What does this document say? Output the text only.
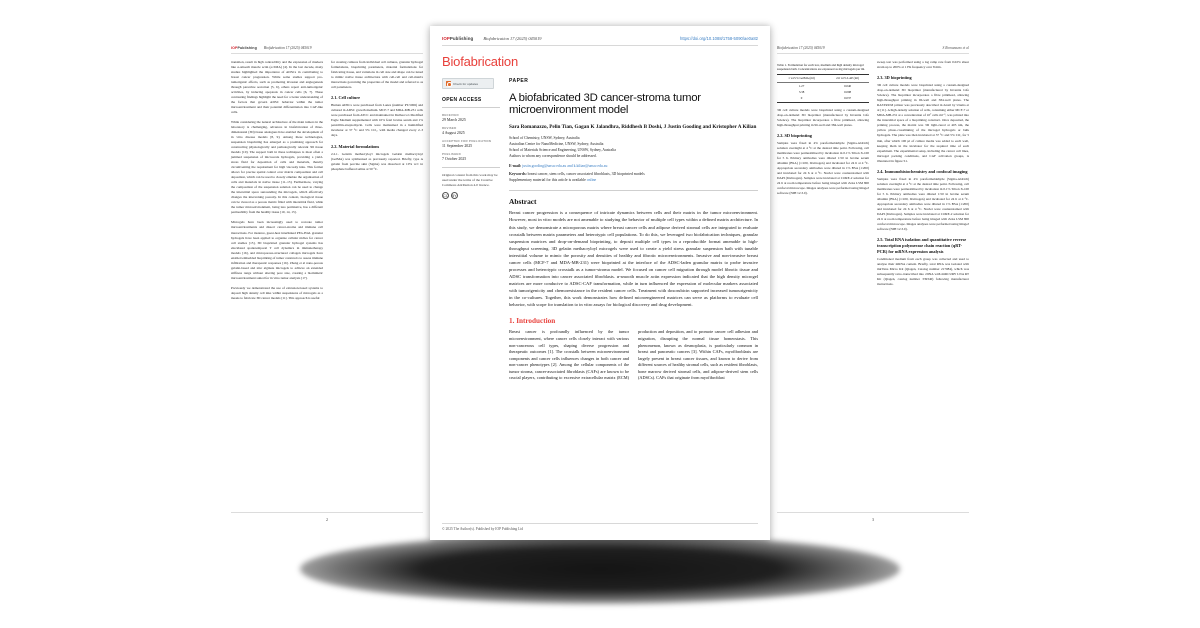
IOPPublishing Biofabrication 17 (2025) 045019
transition, result in high contractility and the expression of markers like α-smooth muscle actin (α-SMA) [4]. In the last decade, many studies highlighted the importance of ADSCs in contributing to breast cancer progression. While some studies support pro-tumorigenic effects, such as promoting invasion and angiogenesis through paracrine secretion [5, 6], others report anti-tumorigenic activities, by inducing apoptosis in cancer cells [6, 7]. These contrasting findings highlight the need for a better understanding of the factors that govern ADSC behavior within the tumor microenvironment and their potential differentiation into CAF-like cells.
While considering the natural architecture of the main tumors in the laboratory is challenging, advances in biofabrication of three-dimensional (3D) tissue analogues have enabled the development of in vitro disease models [8, 9]. Among these technologies, suspension bioprinting has emerged as a promising approach for constructing physiologically and pathologically relevant 3D tissue models [10]. The support bath in these techniques is most often a jammed suspension of microscale hydrogels, providing a yield-stress fluid for deposition of cells and materials, thereby circumventing the requirement for high viscosity inks. This format allows for precise spatial control over matrix composition and cell deposition, which can be used to closely emulate the organisation of cells and materials in native tissue [11–13]. Furthermore, varying the composition of the suspension solution can be used to change the interstitial space surrounding the microgels, which effectively changes the intervening porosity. In this context, biological tissue can be viewed as a porous matrix filled with interstitial fluid, while the tumor microenvironment, being less permissive, has a different permeability from the healthy tissue [10, 14, 15].
Microgels have been increasingly used to recreate tumor microenvironments and dissect cancer-stroma and immune cell interactions. For instance, guest-host interlinked PEG-HAL granular hydrogels have been applied to organize cellular niches for cancer cell studies [15], 3D bioprinted granular hydrogel systems has elucidated spatiotemporal T cell dynamics in immunotherapy models [16], and microporous-structured collagen microgels have enabled embedded bioprinting of tumor constructs to assess immune infiltration and therapeutic responses [16]. Zhang et al nano-porous gelatin-based and zinc alginate microgels to achieve an extended stiffness range without altering pore size, creating a biomimetic microenvironment suited for in vitro tumor analysis [17].
Previously we demonstrated the use of extrusion-based systems to deposit high density cell inks within suspensions of microgels as a means to fabricate 3D cancer models [11]. This approach is useful
for creating cultures from individual cell cultures, granular hydrogel formulations, bioprinting parameters, material formulations for fabricating tissue, and variations in cell size and shape can be tuned to mimic native tissue architecture with cell-cell and cell-matrix interactions governing the properties of the model and referred to as cell parameters.
2.1. Cell culture
Human ADSCs were purchased from Lonza (number PT-5006) and cultured in ADSC growth medium. MCF-7 and MDA-MB-231 cells were purchased from ATCC and maintained in Dulbecco's Modified Eagle Medium supplemented with 10% fetal bovine serum and 1% penicillin-streptomycin. Cells were maintained in a humidified incubator at 37 °C and 5% CO₂, with media changed every 2–3 days.
2.2. Material formulations
2.2.1. Gelatin methacryloyl microgels Gelatin methacryloyl (GelMA) was synthesised as previously reported. Briefly, type A gelatin from porcine skin (Sigma) was dissolved at 10% w/v in phosphate buffered saline at 50 °C.
2
Biofabrication 17 (2025) 045019	S Romanazzo et al
Table 1. Formulation for each low, medium and high density microgel suspension bath. Concentrations are expressed as mg microgels per ml.
1 wt/v% GelMA (ml)	2.6 wt% LAP (ml)
1.27	0.040
3.38	0.098
0	0.037
3D cell culture models were bioprinted using a custom-designed drop-on-demand 3D bioprinter (manufactured by Inventia Life Science). The bioprinter incorporates a fibre printhead, allowing high-throughput printing in 96-well and 384-well plates.
2.2. SD bioprinting
Samples were fixed in 4% paraformaldehyde (Sigma-Aldrich) solution overnight at 4 °C at the desired time point. Following, cell membranes were permeabilised by incubation in 0.1% Triton X-100 for 5 h. Primary antibodies were diluted 1:50 in bovine serum albumin (BSA) (1:100, Invitrogen) and incubated for 24 h at 4 °C. Appropriate secondary antibodies were diluted in 1% BSA (1:200) and incubated for 24 h at 4 °C. Nuclei were counterstained with DAPI (Invitrogen). Samples were incubated at CORE-2 solution for 24 h at room temperature before being imaged with Zeiss LSM 800 confocal microscope. Images analyses were performed using ImageJ software (NIH v2.3.0).
sweep test was performed using a log ramp rate from 0.02% shear strain up to 200% at 1 Hz frequency over 8 min.
2.3. 3D bioprinting
3D cell culture models were bioprinted using a custom-designed drop-on-demand 3D bioprinter (manufactured by Inventia Life Science). The bioprinter incorporates a fibre printhead, allowing high-throughput printing in 96-well and 384-well plates. The RASTRUM printer was previously described in detail by Utama et al [11]. A high-density solution of cells, containing either MCF-7 or MDA-MB-231 at a concentration of 10⁷ cells ml⁻¹, was printed into the interstitial space of a bioprinting construct. Once deposited, the printing process, the matrix was 3D light-cured at 405 nm, the yellow photo-crosslinking of the microgel hydrogels or bulk hydrogels. The plate was then incubated at 37 °C and 5% CO₂ for 5 min, after which 100 µl of culture media was added to each well, keeping them in the incubator for the required time of each experiment. The experimental setup, including the cancer cell lines, microgel packing conditions, and CAF activation groups, is illustrated in figure S1.
2.4. Immunohistochemistry and confocal imaging
Samples were fixed in 4% paraformaldehyde (Sigma-Aldrich) solution overnight at 4 °C at the desired time point. Following, cell membranes were permeabilised by incubation in 0.1% Triton X-100 for 5 h. Primary antibodies were diluted 1:50 in bovine serum albumin (BSA) (1:100, Invitrogen) and incubated for 24 h at 4 °C. Appropriate secondary antibodies were diluted in 1% BSA (1:200) and incubated for 24 h at 4 °C. Nuclei were counterstained with DAPI (Invitrogen). Samples were incubated at CORE-2 solution for 24 h at room temperature before being imaged with Zeiss LSM 800 confocal microscope. Images analyses were performed using ImageJ software (NIH v2.3.0).
2.5. Total RNA isolation and quantitative reverse transcription polymerase chain reaction (qRT-PCR) for mRNA expression analysis
Conditioned medium from each group was collected and used to analyse their mRNA content. Briefly, total RNA was isolated with mirVana Micro Kit (Qiagen, Catalog number 217084), which was subsequently retro-transcribed into cDNA with miRCURY LNA RT Kit (Qiagen, catalog number 339340) following manufacturer instructions.
3
IOPPublishing Biofabrication 17 (2025) 045019	https://doi.org/10.1088/1758-5090/ae0a82
Biofabrication
Check for updates
OPEN ACCESS
RECEIVED
29 March 2025
REVISED
4 August 2025
ACCEPTED FOR PUBLICATION
11 September 2025
PUBLISHED
7 October 2025
Original content from this work may be used under the terms of the Creative Commons Attribution 4.0 licence.
CC BY
PAPER
A biofabricated 3D cancer-stroma tumor microenvironment model
Sara Romanazzo, Pelin Tian, Gagan K Jalandhra, Riddhesh B Doshi, J Justin Gooding and Kristopher A Kilian
School of Chemistry, UNSW, Sydney, Australia
Australian Centre for NanoMedicine, UNSW, Sydney, Australia
School of Materials Science and Engineering, UNSW, Sydney, Australia
Authors to whom any correspondence should be addressed.
E-mail: justin.gooding@unsw.edu.au and k.kilian@unsw.edu.au
Keywords: breast cancer, stem cells, cancer associated fibroblasts, 3D bioprinted models
Supplementary material for this article is available online
Abstract
Breast cancer progression is a consequence of intricate dynamics between cells and their matrix in the tumor microenvironment. However, most in vitro models are not amenable to studying the behavior of multiple cell types within a defined matrix architecture. In this study, we demonstrate a microporous matrix where breast cancer cells and adipose derived stromal cells are integrated to evaluate crosstalk between matrix parameters and heterotypic cell populations. To do this, we leveraged two biofabrication techniques, granular suspension matrices and drop-on-demand bioprinting, to deposit multiple cell types in a reproducible format amenable to high-throughput screening. 3D gelatin methacryloyl microgels were used to create a yield stress granular suspension bath with tunable interstitial volume to mimic the porosity and densities of healthy and fibrotic microenvironments. Invasive and non-invasive breast cancer cells (MCF-7 and MDA-MB-231) were bioprinted at the interface of the ADSC-laden granular matrix to probe invasive processes and heterotypic crosstalk as a tumor-stroma model. We focused on cancer cell migration through model fibrotic tissue and ADSC transformation into cancer associated fibroblasts. α-smooth muscle actin expression indicated that the high density microgel matrices are more conducive to ADSC-CAF transformation, while in turn influenced the expression of molecular markers associated with tumorigenicity and chemoresistance in the resident cancer cells. Treatment with doxorubicin supported increased tumourigenicity in the co-cultures. Together, this work demonstrates how defined microengineered matrices can serve as platforms to evaluate cell behavior, with scope for translation to in vitro assays for biological discovery and drug development.
1. Introduction
Breast cancer is profoundly influenced by the tumor microenvironment, where cancer cells closely interact with various non-cancerous cell types, shaping diverse progression and therapeutic outcomes [1]. The crosstalk between microenvironment components and cancer cells influences changes in both cancer and non-cancer phenotypes [2]. Among the cellular components of the tumor stroma, cancer-associated fibroblasts (CAFs) are known to be crucial players, contributing to excessive extracellular matrix (ECM) production and deposition, and to promote cancer cell adhesion and migration, disrupting the normal tissue homeostasis. This phenomenon, known as desmoplasia, is particularly common in breast and pancreatic cancers [3]. Within CAFs, myofibroblasts are largely present in breast cancer tissues, and known to derive from different sources of healthy stromal cells, such as resident fibroblasts, bone marrow derived stromal cells, and adipose-derived stem cells (ADSCs). CAFs that originate from myofibroblast
© 2025 The Author(s). Published by IOP Publishing Ltd
